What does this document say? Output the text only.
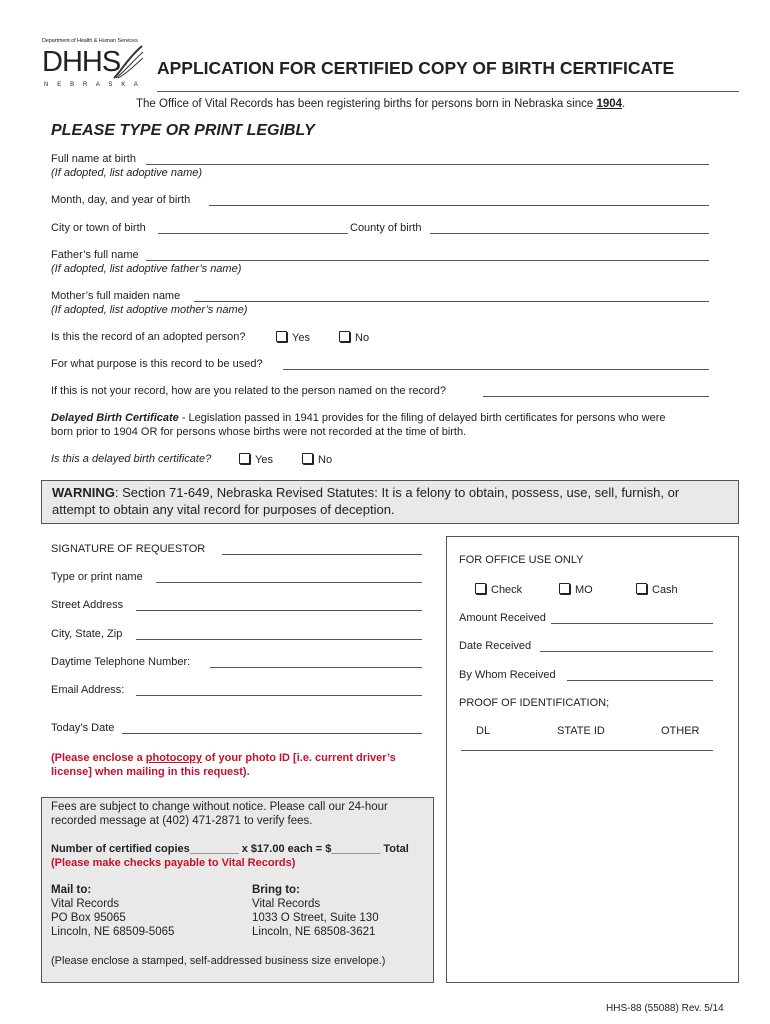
Department of Health & Human Services
DHHS
N E B R A S K A
APPLICATION FOR CERTIFIED COPY OF BIRTH CERTIFICATE
The Office of Vital Records has been registering births for persons born in Nebraska since 1904.
PLEASE TYPE OR PRINT LEGIBLY
Full name at birth
(If adopted, list adoptive name)
Month, day, and year of birth
City or town of birth	County of birth
Father’s full name
(If adopted, list adoptive father’s name)
Mother’s full maiden name
(If adopted, list adoptive mother’s name)
Is this the record of an adopted person?	Yes	No
For what purpose is this record to be used?
If this is not your record, how are you related to the person named on the record?
Delayed Birth Certificate - Legislation passed in 1941 provides for the filing of delayed birth certificates for persons who were
born prior to 1904 OR for persons whose births were not recorded at the time of birth.
Is this a delayed birth certificate?	Yes	No
WARNING: Section 71-649, Nebraska Revised Statutes: It is a felony to obtain, possess, use, sell, furnish, or
attempt to obtain any vital record for purposes of deception.
SIGNATURE OF REQUESTOR
Type or print name
Street Address
City, State, Zip
Daytime Telephone Number:
Email Address:
Today’s Date
(Please enclose a photocopy of your photo ID [i.e. current driver’s
license] when mailing in this request).
FOR OFFICE USE ONLY
Check	MO	Cash
Amount Received
Date Received
By Whom Received
PROOF OF IDENTIFICATION;
DL	STATE ID	OTHER
Fees are subject to change without notice. Please call our 24-hour
recorded message at (402) 471-2871 to verify fees.
Number of certified copies________ x $17.00 each = $________ Total
(Please make checks payable to Vital Records)
Mail to:
Vital Records
PO Box 95065
Lincoln, NE 68509-5065
Bring to:
Vital Records
1033 O Street, Suite 130
Lincoln, NE 68508-3621
(Please enclose a stamped, self-addressed business size envelope.)
HHS-88 (55088) Rev. 5/14
